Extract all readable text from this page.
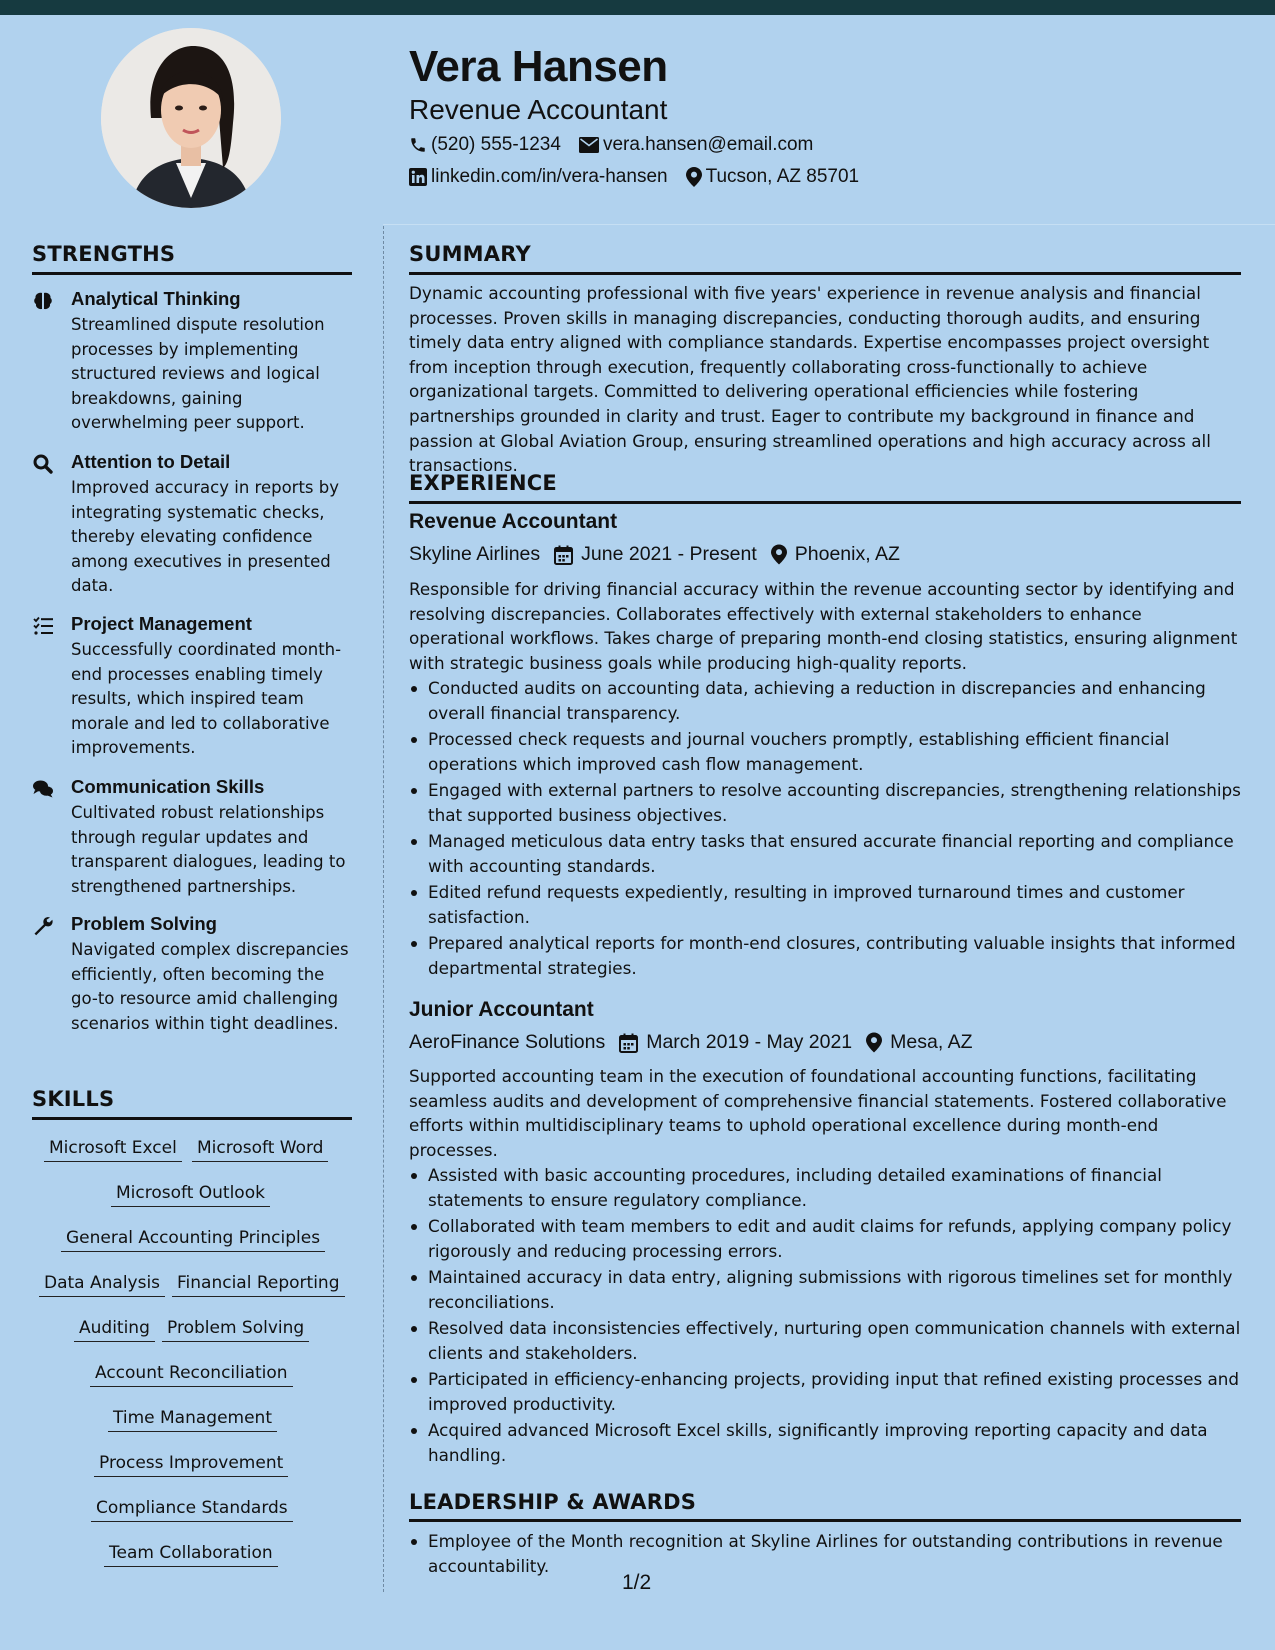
Vera Hansen
Revenue Accountant
(520) 555-1234 vera.hansen@email.com
linkedin.com/in/vera-hansen Tucson, AZ 85701
STRENGTHS
Analytical Thinking
Streamlined dispute resolution processes by implementing structured reviews and logical breakdowns, gaining overwhelming peer support.
Attention to Detail
Improved accuracy in reports by integrating systematic checks, thereby elevating confidence among executives in presented data.
Project Management
Successfully coordinated month-end processes enabling timely results, which inspired team morale and led to collaborative improvements.
Communication Skills
Cultivated robust relationships through regular updates and transparent dialogues, leading to strengthened partnerships.
Problem Solving
Navigated complex discrepancies efficiently, often becoming the go-to resource amid challenging scenarios within tight deadlines.
SKILLS
Microsoft Excel Microsoft Word
Microsoft Outlook
General Accounting Principles
Data Analysis Financial Reporting
Auditing Problem Solving
Account Reconciliation
Time Management
Process Improvement
Compliance Standards
Team Collaboration
SUMMARY
Dynamic accounting professional with five years' experience in revenue analysis and financial processes. Proven skills in managing discrepancies, conducting thorough audits, and ensuring timely data entry aligned with compliance standards. Expertise encompasses project oversight from inception through execution, frequently collaborating cross-functionally to achieve organizational targets. Committed to delivering operational efficiencies while fostering partnerships grounded in clarity and trust. Eager to contribute my background in finance and passion at Global Aviation Group, ensuring streamlined operations and high accuracy across all transactions.
EXPERIENCE
Revenue Accountant
Skyline Airlines June 2021 - Present Phoenix, AZ
Responsible for driving financial accuracy within the revenue accounting sector by identifying and resolving discrepancies. Collaborates effectively with external stakeholders to enhance operational workflows. Takes charge of preparing month-end closing statistics, ensuring alignment with strategic business goals while producing high-quality reports.
Conducted audits on accounting data, achieving a reduction in discrepancies and enhancing overall financial transparency.
Processed check requests and journal vouchers promptly, establishing efficient financial operations which improved cash flow management.
Engaged with external partners to resolve accounting discrepancies, strengthening relationships that supported business objectives.
Managed meticulous data entry tasks that ensured accurate financial reporting and compliance with accounting standards.
Edited refund requests expediently, resulting in improved turnaround times and customer satisfaction.
Prepared analytical reports for month-end closures, contributing valuable insights that informed departmental strategies.
Junior Accountant
AeroFinance Solutions March 2019 - May 2021 Mesa, AZ
Supported accounting team in the execution of foundational accounting functions, facilitating seamless audits and development of comprehensive financial statements. Fostered collaborative efforts within multidisciplinary teams to uphold operational excellence during month-end processes.
Assisted with basic accounting procedures, including detailed examinations of financial statements to ensure regulatory compliance.
Collaborated with team members to edit and audit claims for refunds, applying company policy rigorously and reducing processing errors.
Maintained accuracy in data entry, aligning submissions with rigorous timelines set for monthly reconciliations.
Resolved data inconsistencies effectively, nurturing open communication channels with external clients and stakeholders.
Participated in efficiency-enhancing projects, providing input that refined existing processes and improved productivity.
Acquired advanced Microsoft Excel skills, significantly improving reporting capacity and data handling.
LEADERSHIP & AWARDS
Employee of the Month recognition at Skyline Airlines for outstanding contributions in revenue accountability.
1/2
